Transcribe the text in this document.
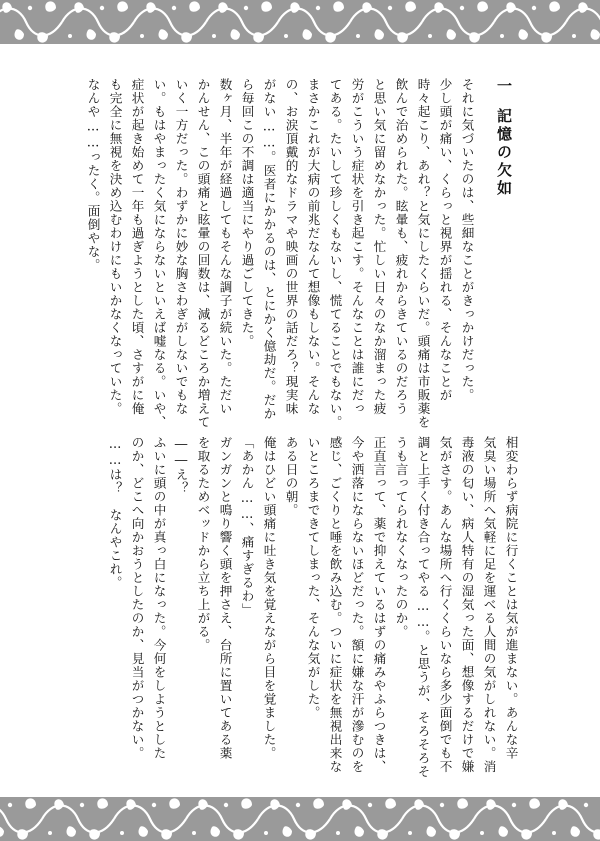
一記憶の欠如
それに気づいたのは、些細なことがきっかけだった。
少し頭が痛い、くらっと視界が揺れる、そんなことが
時々起こり、あれ？と気にしたくらいだ。頭痛は市販薬を
飲んで治められた。眩暈も、疲れからきているのだろう
と思い気に留めなかった。忙しい日々のなか溜まった疲
労がこういう症状を引き起こす。そんなことは誰にだっ
てある。たいして珍しくもないし、慌てることでもない。
まさかこれが大病の前兆だなんて想像もしない。そんな
の、お涙頂戴的なドラマや映画の世界の話だろ？現実味
がない……。医者にかかるのは、とにかく億劫だ。だか
ら毎回この不調は適当にやり過ごしてきた。
数ヶ月、半年が経過してもそんな調子が続いた。ただい
かんせん、この頭痛と眩暈の回数は、減るどころか増えて
いく一方だった。わずかに妙な胸さわぎがしないでもな
い。もはやまったく気にならないといえば嘘なる。いや、
症状が起き始めて一年も過ぎようとした頃、さすがに俺
も完全に無視を決め込むわけにもいかなくなっていた。
なんや……ったく。面倒やな。
相変わらず病院に行くことは気が進まない。あんな辛
気臭い場所へ気軽に足を運べる人間の気がしれない。消
毒液の匂い、病人特有の湿気った面、想像するだけで嫌
気がさす。あんな場所へ行くくらいなら多少面倒でも不
調と上手く付き合ってやる……。と思うが、そろそろそ
うも言ってられなくなったのか。
正直言って、薬で抑えているはずの痛みやふらつきは、
今や洒落にならないほどだった。額に嫌な汗が滲むのを
感じ、ごくりと唾を飲み込む。ついに症状を無視出来な
いところまできてしまった、そんな気がした。
ある日の朝。
俺はひどい頭痛に吐き気を覚えながら目を覚ました。
「あかん……、痛すぎるわ」
ガンガンと鳴り響く頭を押さえ、台所に置いてある薬
を取るためベッドから立ち上がる。
――え？
ふいに頭の中が真っ白になった。今何をしようとした
のか、どこへ向かおうとしたのか、見当がつかない。
……は？　なんやこれ。
